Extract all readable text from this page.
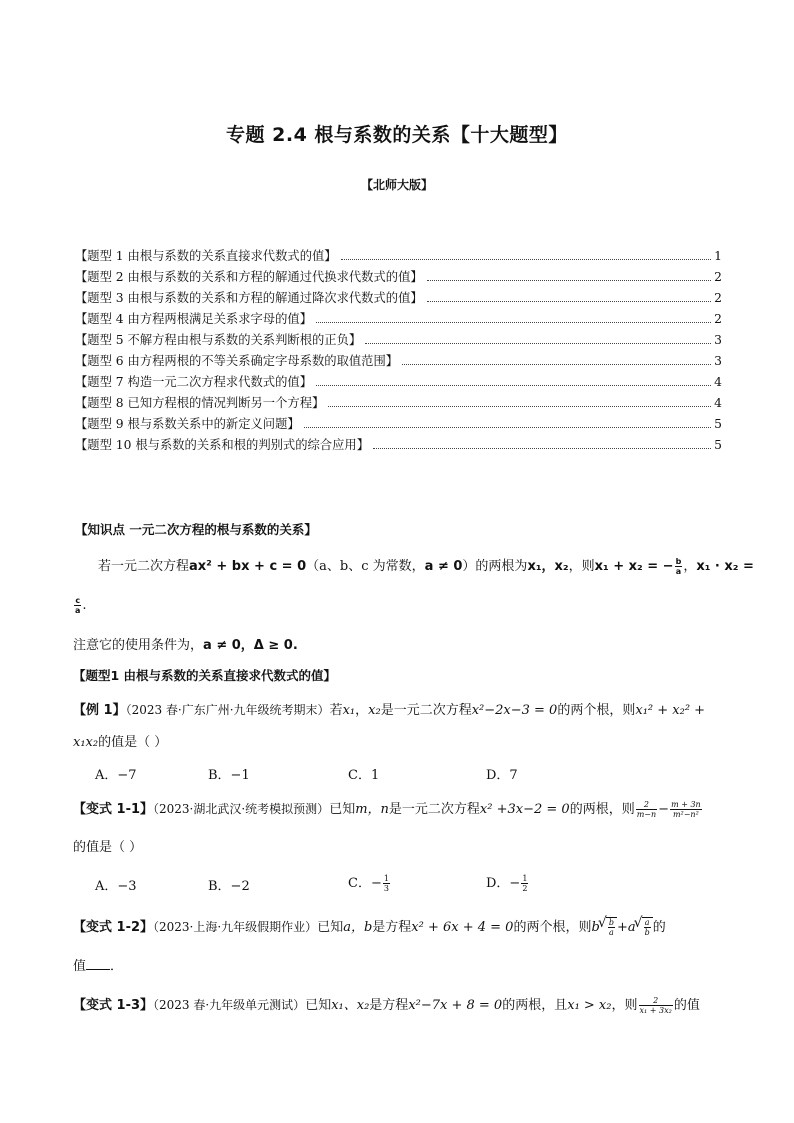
专题 2.4 根与系数的关系【十大题型】
【北师大版】
【题型 1 由根与系数的关系直接求代数式的值】	1
【题型 2 由根与系数的关系和方程的解通过代换求代数式的值】	2
【题型 3 由根与系数的关系和方程的解通过降次求代数式的值】	2
【题型 4 由方程两根满足关系求字母的值】	2
【题型 5 不解方程由根与系数的关系判断根的正负】	3
【题型 6 由方程两根的不等关系确定字母系数的取值范围】	3
【题型 7 构造一元二次方程求代数式的值】	4
【题型 8 已知方程根的情况判断另一个方程】	4
【题型 9 根与系数关系中的新定义问题】	5
【题型 10 根与系数的关系和根的判别式的综合应用】	5
【知识点 一元二次方程的根与系数的关系】
若一元二次方程ax² + bx + c = 0（a、b、c 为常数，a ≠ 0）的两根为x₁，x₂，则x₁ + x₂ = − $\frac{b}{a}$ ，x₁ · x₂ =
$\frac{c}{a}$ .
注意它的使用条件为，a ≠ 0，Δ ≥ 0.
【题型1 由根与系数的关系直接求代数式的值】
【例 1】（2023 春·广东广州·九年级统考期末）若x₁，x₂是一元二次方程x²−2x−3 = 0的两个根，则x₁² + x₂² +
x₁x₂的值是（ ）
A．−7	B．−1	C．1	D．7
【变式 1-1】（2023·湖北武汉·统考模拟预测）已知m，n是一元二次方程x² +3x−2 = 0的两根，则 $\frac{2}{m-n} - \frac{m + 3n}{\text{m²−n²}}$
的值是（ ）
A．−3	B．−2	C．− $\frac{1}{3}$	D．− $\frac{1}{2}$
【变式 1-2】（2023·上海·九年级假期作业）已知a，b是方程x² + 6x + 4 = 0的两个根，则b √ $\frac{b}{a} +a$ √ $\frac{a}{b}$ 的
值 ．
【变式 1-3】（2023 春·九年级单元测试）已知x₁、x₂是方程x²−7x + 8 = 0的两根，且x₁ > x₂，则 $\frac{2}{\text{x₁ + 3x₂}}$ 的值
